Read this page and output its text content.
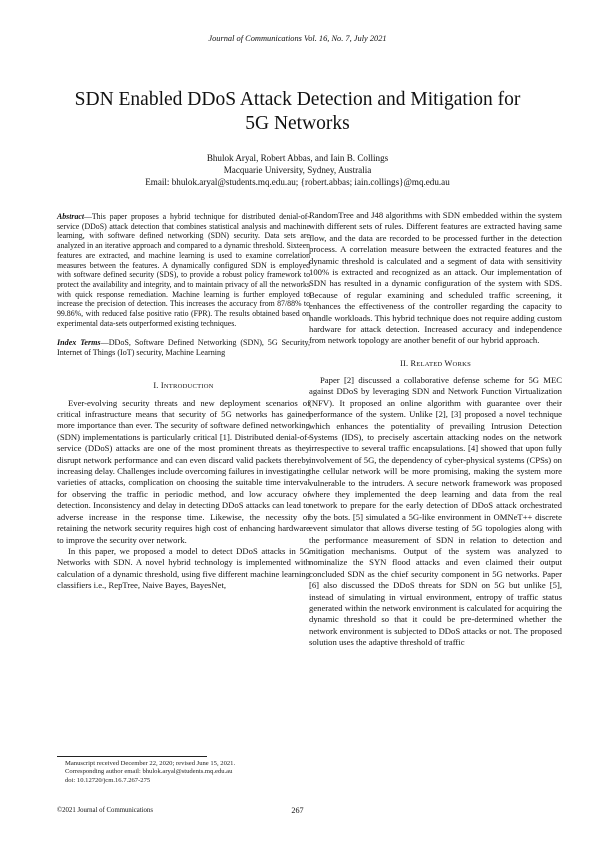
Journal of Communications Vol. 16, No. 7, July 2021
SDN Enabled DDoS Attack Detection and Mitigation for
5G Networks
Bhulok Aryal, Robert Abbas, and Iain B. Collings
Macquarie University, Sydney, Australia
Email: bhulok.aryal@students.mq.edu.au; {robert.abbas; iain.collings}@mq.edu.au

Abstract—This paper proposes a hybrid technique for distributed denial-of-service (DDoS) attack detection that combines statistical analysis and machine learning, with software defined networking (SDN) security. Data sets are analyzed in an iterative approach and compared to a dynamic threshold. Sixteen features are extracted, and machine learning is used to examine correlation measures between the features. A dynamically configured SDN is employed with software defined security (SDS), to provide a robust policy framework to protect the availability and integrity, and to maintain privacy of all the networks with quick response remediation. Machine learning is further employed to increase the precision of detection. This increases the accuracy from 87/88% to 99.86%, with reduced false positive ratio (FPR). The results obtained based on experimental data-sets outperformed existing techniques.

Index Terms—DDoS, Software Defined Networking (SDN), 5G Security, Internet of Things (IoT) security, Machine Learning

I. INTRODUCTION

Ever-evolving security threats and new deployment scenarios of critical infrastructure means that security of 5G networks has gained more importance than ever. The security of software defined networking (SDN) implementations is particularly critical [1]. Distributed denial-of-service (DDoS) attacks are one of the most prominent threats as they disrupt network performance and can even discard valid packets thereby increasing delay. Challenges include overcoming failures in investigating varieties of attacks, complication on choosing the suitable time interval for observing the traffic in periodic method, and low accuracy of detection. Inconsistency and delay in detecting DDoS attacks can lead to adverse increase in the response time. Likewise, the necessity of retaining the network security requires high cost of enhancing hardware to improve the security over network.

In this paper, we proposed a model to detect DDoS attacks in 5G Networks with SDN. A novel hybrid technology is implemented with calculation of a dynamic threshold, using five different machine learning classifiers i.e., RepTree, Naive Bayes, BayesNet,

RandomTree and J48 algorithms with SDN embedded within the system with different sets of rules. Different features are extracted having same flow, and the data are recorded to be processed further in the detection process. A correlation measure between the extracted features and the dynamic threshold is calculated and a segment of data with sensitivity 100% is extracted and recognized as an attack. Our implementation of SDN has resulted in a dynamic configuration of the system with SDS. Because of regular examining and scheduled traffic screening, it enhances the effectiveness of the controller regarding the capacity to handle workloads. This hybrid technique does not require adding custom hardware for attack detection. Increased accuracy and independence from network topology are another benefit of our hybrid approach.

II. RELATED WORKS

Paper [2] discussed a collaborative defense scheme for 5G MEC against DDoS by leveraging SDN and Network Function Virtualization (NFV). It proposed an online algorithm with guarantee over their performance of the system. Unlike [2], [3] proposed a novel technique which enhances the potentiality of prevailing Intrusion Detection Systems (IDS), to precisely ascertain attacking nodes on the network irrespective to several traffic encapsulations. [4] showed that upon fully involvement of 5G, the dependency of cyber-physical systems (CPSs) on the cellular network will be more promising, making the system more vulnerable to the intruders. A secure network framework was proposed where they implemented the deep learning and data from the real network to prepare for the early detection of DDoS attack orchestrated by the bots. [5] simulated a 5G-like environment in OMNeT++ discrete event simulator that allows diverse testing of 5G topologies along with the performance measurement of SDN in relation to detection and mitigation mechanisms. Output of the system was analyzed to nominalize the SYN flood attacks and even claimed their output concluded SDN as the chief security component in 5G networks. Paper [6] also discussed the DDoS threats for SDN on 5G but unlike [5], instead of simulating in virtual environment, entropy of traffic status generated within the network environment is calculated for acquiring the dynamic threshold so that it could be pre-determined whether the network environment is subjected to DDoS attacks or not. The proposed solution uses the adaptive threshold of traffic

Manuscript received December 22, 2020; revised June 15, 2021.
Corresponding author email: bhulok.aryal@students.mq.edu.au
doi: 10.12720/jcm.16.7.267-275
©2021 Journal of Communications	267
